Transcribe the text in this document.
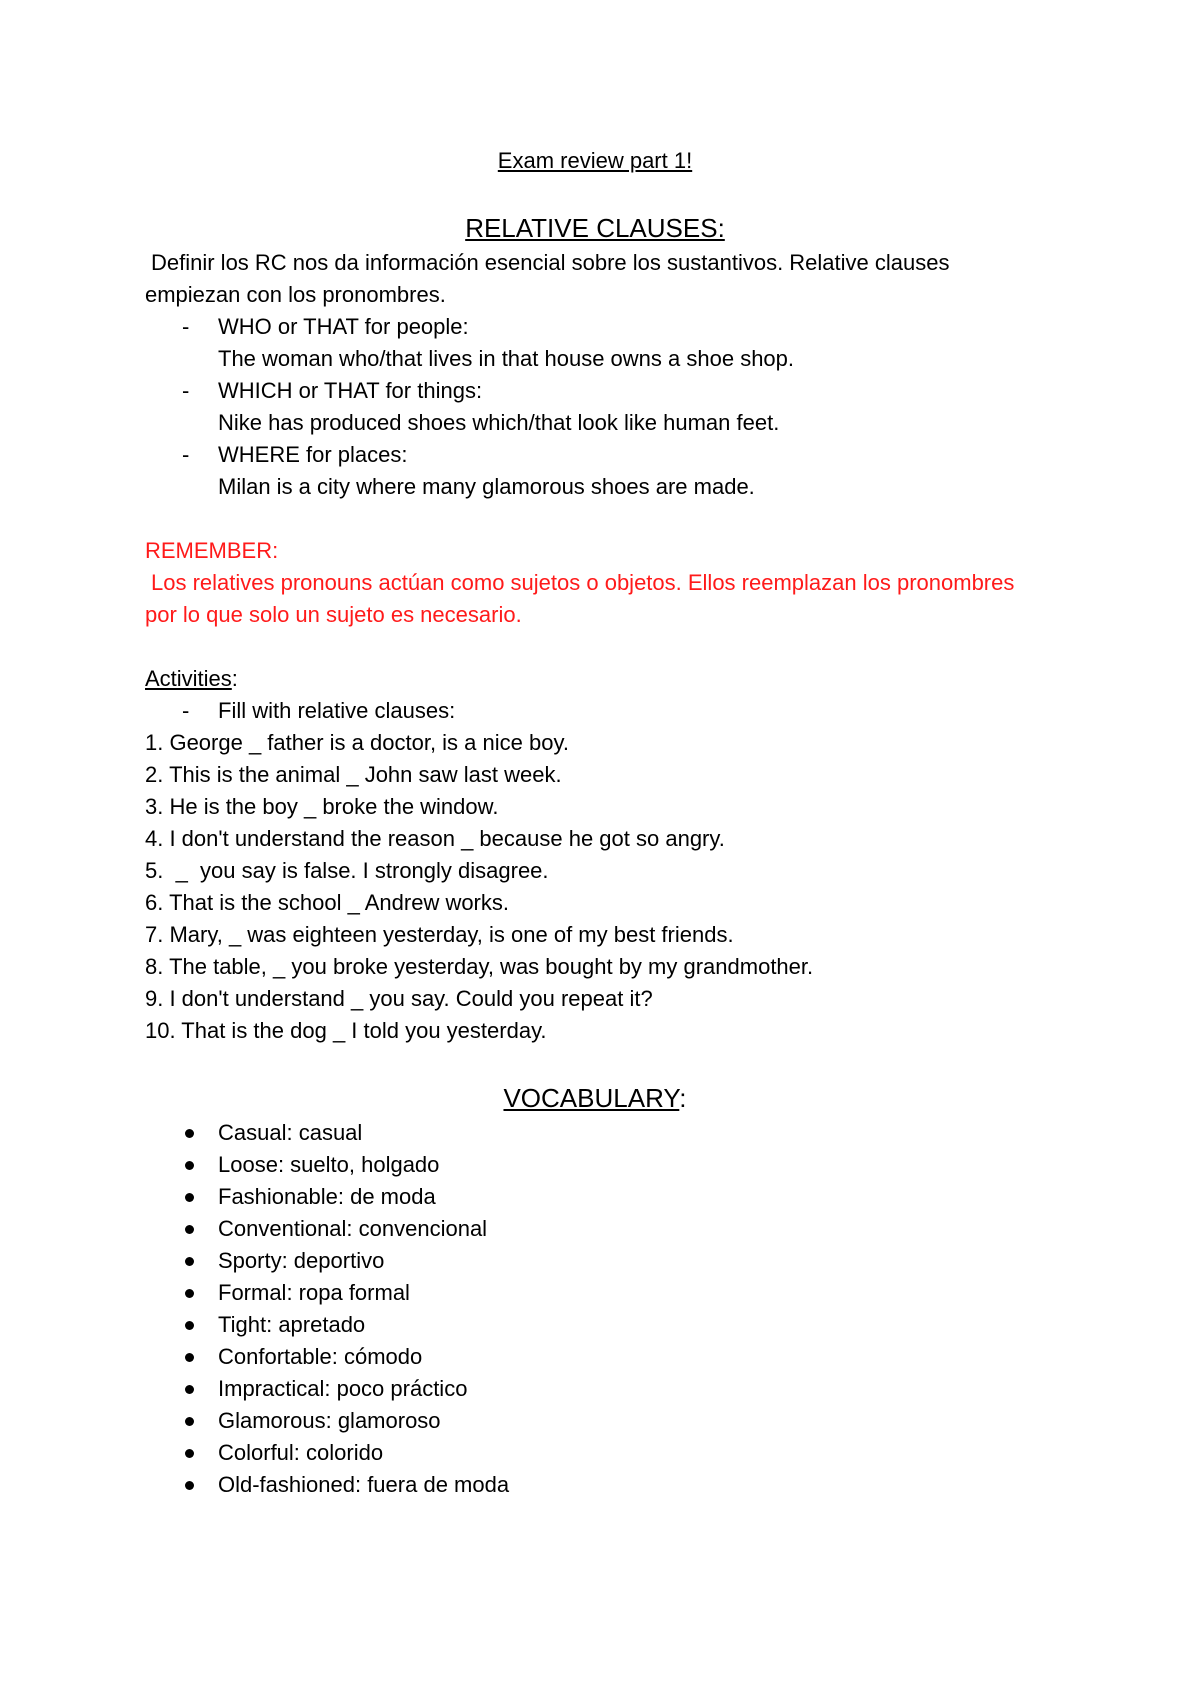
Exam review part 1!

RELATIVE CLAUSES:

Definir los RC nos da información esencial sobre los sustantivos. Relative clauses empiezan con los pronombres.

- WHO or THAT for people:

The woman who/that lives in that house owns a shoe shop.

- WHICH or THAT for things:

Nike has produced shoes which/that look like human feet.

- WHERE for places:

Milan is a city where many glamorous shoes are made.

REMEMBER:

Los relatives pronouns actúan como sujetos o objetos. Ellos reemplazan los pronombres por lo que solo un sujeto es necesario.

Activities:

- Fill with relative clauses:
1. George _ father is a doctor, is a nice boy.
2. This is the animal _ John saw last week.
3. He is the boy _ broke the window.
4. I don't understand the reason _ because he got so angry.
5.  _  you say is false. I strongly disagree.
6. That is the school _ Andrew works.
7. Mary, _ was eighteen yesterday, is one of my best friends.
8. The table, _ you broke yesterday, was bought by my grandmother.
9. I don't understand _ you say. Could you repeat it?
10. That is the dog _ I told you yesterday.

VOCABULARY:

Casual: casual
Loose: suelto, holgado
Fashionable: de moda
Conventional: convencional
Sporty: deportivo
Formal: ropa formal
Tight: apretado
Confortable: cómodo
Impractical: poco práctico
Glamorous: glamoroso
Colorful: colorido
Old-fashioned: fuera de moda
